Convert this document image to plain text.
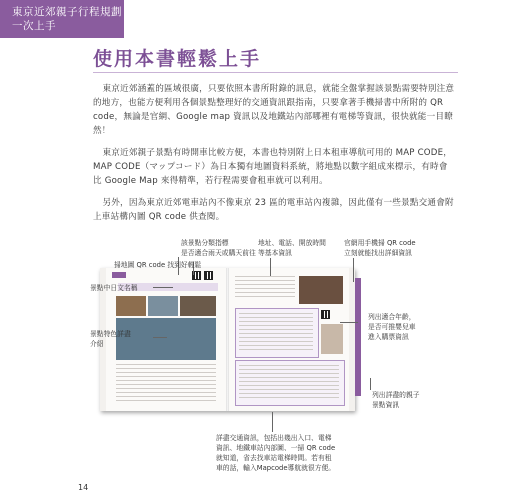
東京近郊親子行程規劃
一次上手
使用本書輕鬆上手

東京近郊涵蓋的區域很廣，只要依照本書所附錄的訊息，就能全盤掌握該景點需要特別注意的地方，也能方便利用各個景點整理好的交通資訊跟指南，只要拿著手機掃書中所附的 QR code，無論是官網、Google map 資訊以及地鐵站內部哪裡有電梯等資訊，很快就能一目瞭然！

東京近郊親子景點有時開車比較方便，本書也特別附上日本租車導航可用的 MAP CODE，MAP CODE（マップコード）為日本獨有地圖資料系統，將地點以數字組成來標示，有時會比 Google Map 來得精準，若行程需要會租車就可以利用。

另外，因為東京近郊電車站內不像東京 23 區的電車站內複雜，因此僅有一些景點交通會附上車站構內圖 QR code 供查閱。

該景點分類指標
是否適合雨天或購天前往
掃地圖 QR code 找到好輕鬆
景點中日文名稱
景點特色詳盡
介紹
地址、電話、開放時間
等基本資訊
官網用手機掃 QR code
立刻就能找出詳細資訊
列出適合年齡，
是否可推嬰兒車
進入購票資訊
列出詳盡的親子
景點資訊
詳盡交通資訊，包括出幾出入口、電梯
資訊、地鐵車站內部圖、一掃 QR code
就知道，省去找車站電梯時間。若有租
車的話，輸入Mapcode導航就很方便。
14
